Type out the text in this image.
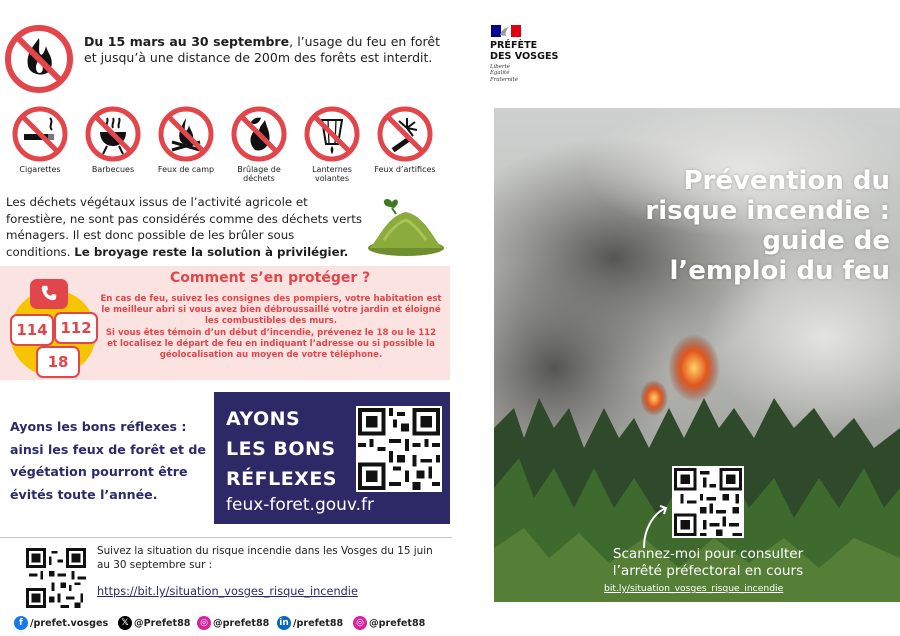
Du 15 mars au 30 septembre, l’usage du feu en forêt et jusqu’à une distance de 200m des forêts est interdit.
Cigarettes	Barbecues	Feux de camp	Brûlage de déchets
Lanternes volantes
Feux d’artifices
Les déchets végétaux issus de l’activité agricole et forestière, ne sont pas considérés comme des déchets verts ménagers. Il est donc possible de les brûler sous conditions. Le broyage reste la solution à privilégier.
114 112
18
Comment s’en protéger ?
En cas de feu, suivez les consignes des pompiers, votre habitation est le meilleur abri si vous avez bien débroussaillé votre jardin et éloigné les combustibles des murs.
Si vous êtes témoin d’un début d’incendie, prévenez le 18 ou le 112 et localisez le départ de feu en indiquant l’adresse ou si possible la géolocalisation au moyen de votre téléphone.
Ayons les bons réflexes : ainsi les feux de forêt et de végétation pourront être évités toute l’année.
AYONS
LES BONS
RÉFLEXES
feux-foret.gouv.fr
Suivez la situation du risque incendie dans les Vosges du 15 juin au 30 septembre sur :
https://bit.ly/situation_vosges_risque_incendie
f /prefet.vosges	𝕏 @Prefet88	◎ @prefet88 in /prefet88	◎ @prefet88
PRÉFÈTE
DES VOSGES
Liberté
Égalité
Fraternité
Prévention du
risque incendie :
guide de
l’emploi du feu
Scannez-moi pour consulter
l’arrêté préfectoral en cours
bit.ly/situation_vosges_risque_incendie
